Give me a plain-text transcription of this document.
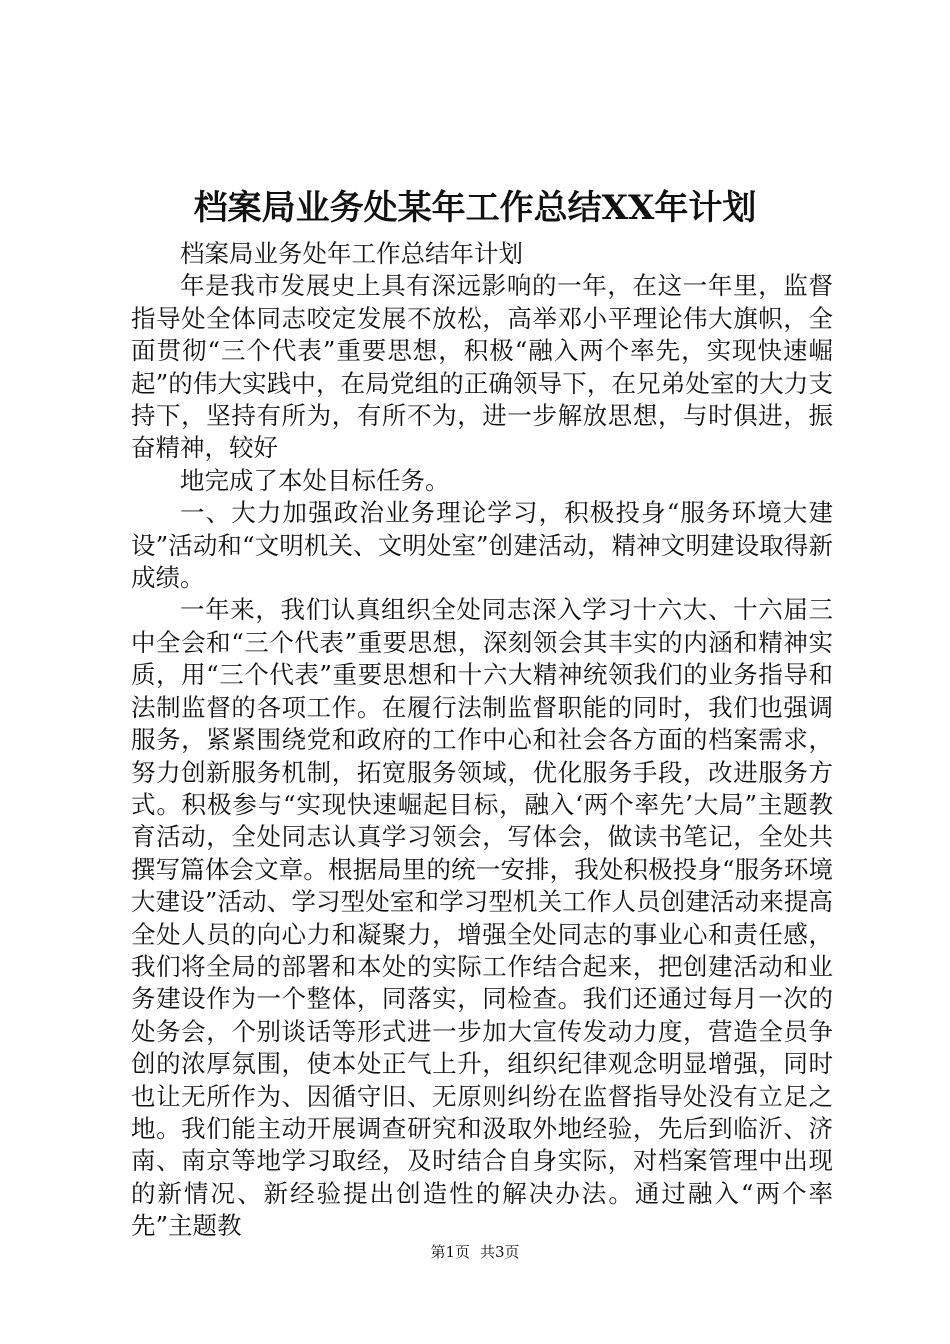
档案局业务处某年工作总结XX年计划

档案局业务处年工作总结年计划

年是我市发展史上具有深远影响的一年，在这一年里，监督指导处全体同志咬定发展不放松，高举邓小平理论伟大旗帜，全面贯彻“三个代表”重要思想，积极“融入两个率先，实现快速崛起”的伟大实践中，在局党组的正确领导下，在兄弟处室的大力支持下，坚持有所为，有所不为，进一步解放思想，与时俱进，振奋精神，较好

地完成了本处目标任务。

一、大力加强政治业务理论学习，积极投身“服务环境大建设”活动和“文明机关、文明处室”创建活动，精神文明建设取得新成绩。

一年来，我们认真组织全处同志深入学习十六大、十六届三中全会和“三个代表”重要思想，深刻领会其丰实的内涵和精神实质，用“三个代表”重要思想和十六大精神统领我们的业务指导和法制监督的各项工作。在履行法制监督职能的同时，我们也强调服务，紧紧围绕党和政府的工作中心和社会各方面的档案需求，努力创新服务机制，拓宽服务领域，优化服务手段，改进服务方式。积极参与“实现快速崛起目标，融入‘两个率先’大局”主题教育活动，全处同志认真学习领会，写体会，做读书笔记，全处共撰写篇体会文章。根据局里的统一安排，我处积极投身“服务环境大建设”活动、学习型处室和学习型机关工作人员创建活动来提高全处人员的向心力和凝聚力，增强全处同志的事业心和责任感，我们将全局的部署和本处的实际工作结合起来，把创建活动和业务建设作为一个整体，同落实，同检查。我们还通过每月一次的处务会，个别谈话等形式进一步加大宣传发动力度，营造全员争创的浓厚氛围，使本处正气上升，组织纪律观念明显增强，同时也让无所作为、因循守旧、无原则纠纷在监督指导处没有立足之地。我们能主动开展调查研究和汲取外地经验，先后到临沂、济南、南京等地学习取经，及时结合自身实际，对档案管理中出现的新情况、新经验提出创造性的解决办法。通过融入“两个率先”主题教

第1页 共3页
